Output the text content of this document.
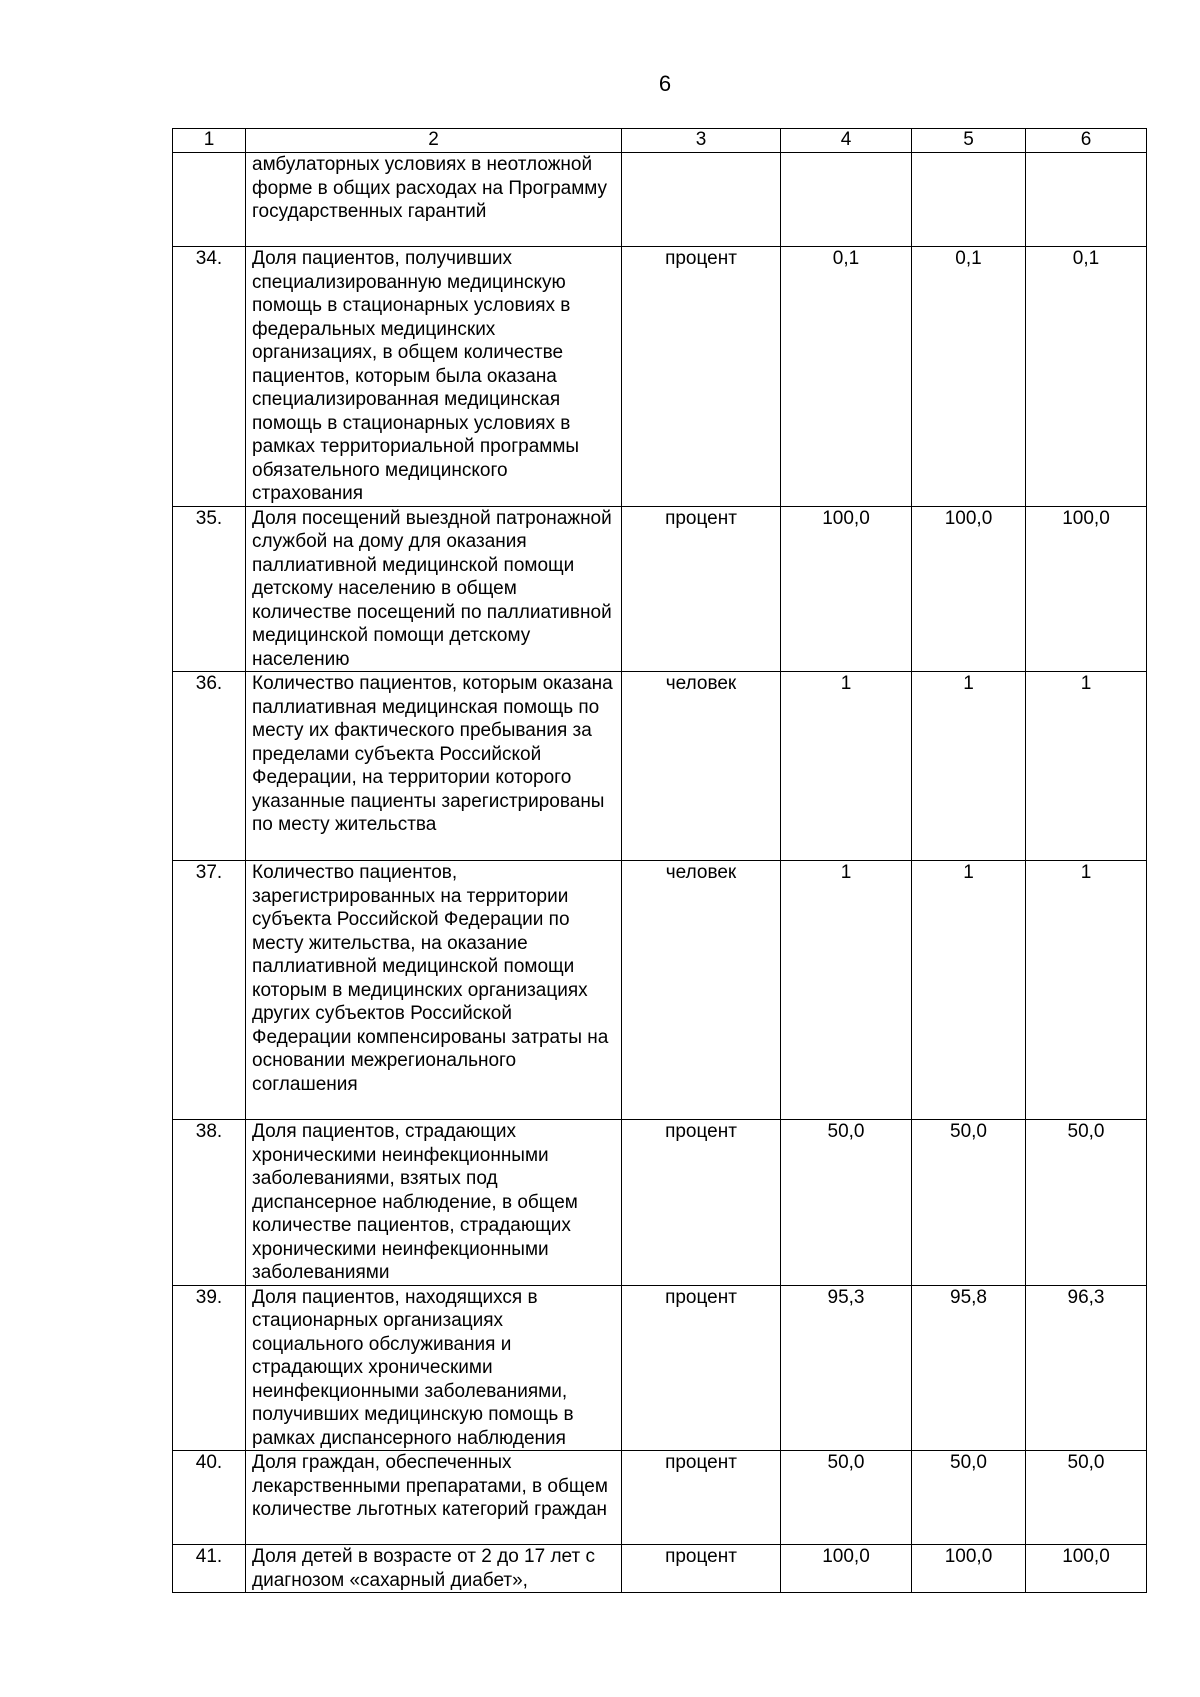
6
1	2	3	4	5	6
	амбулаторных условиях в неотложной форме в общих расходах на Программу государственных гарантий				
34.	Доля пациентов, получивших специализированную медицинскую помощь в стационарных условиях в федеральных медицинских организациях, в общем количестве пациентов, которым была оказана специализированная медицинская помощь в стационарных условиях в рамках территориальной программы обязательного медицинского страхования	процент	0,1	0,1	0,1
35.	Доля посещений выездной патронажной службой на дому для оказания паллиативной медицинской помощи детскому населению в общем количестве посещений по паллиативной медицинской помощи детскому населению	процент	100,0	100,0	100,0
36.	Количество пациентов, которым оказана паллиативная медицинская помощь по месту их фактического пребывания за пределами субъекта Российской Федерации, на территории которого указанные пациенты зарегистрированы по месту жительства	человек	1	1	1
37.	Количество пациентов, зарегистрированных на территории субъекта Российской Федерации по месту жительства, на оказание паллиативной медицинской помощи которым в медицинских организациях других субъектов Российской Федерации компенсированы затраты на основании межрегионального соглашения	человек	1	1	1
38.	Доля пациентов, страдающих хроническими неинфекционными заболеваниями, взятых под диспансерное наблюдение, в общем количестве пациентов, страдающих хроническими неинфекционными заболеваниями	процент	50,0	50,0	50,0
39.	Доля пациентов, находящихся в стационарных организациях социального обслуживания и страдающих хроническими неинфекционными заболеваниями, получивших медицинскую помощь в рамках диспансерного наблюдения	процент	95,3	95,8	96,3
40.	Доля граждан, обеспеченных лекарственными препаратами, в общем количестве льготных категорий граждан	процент	50,0	50,0	50,0
41.	Доля детей в возрасте от 2 до 17 лет с диагнозом «сахарный диабет»,	процент	100,0	100,0	100,0
